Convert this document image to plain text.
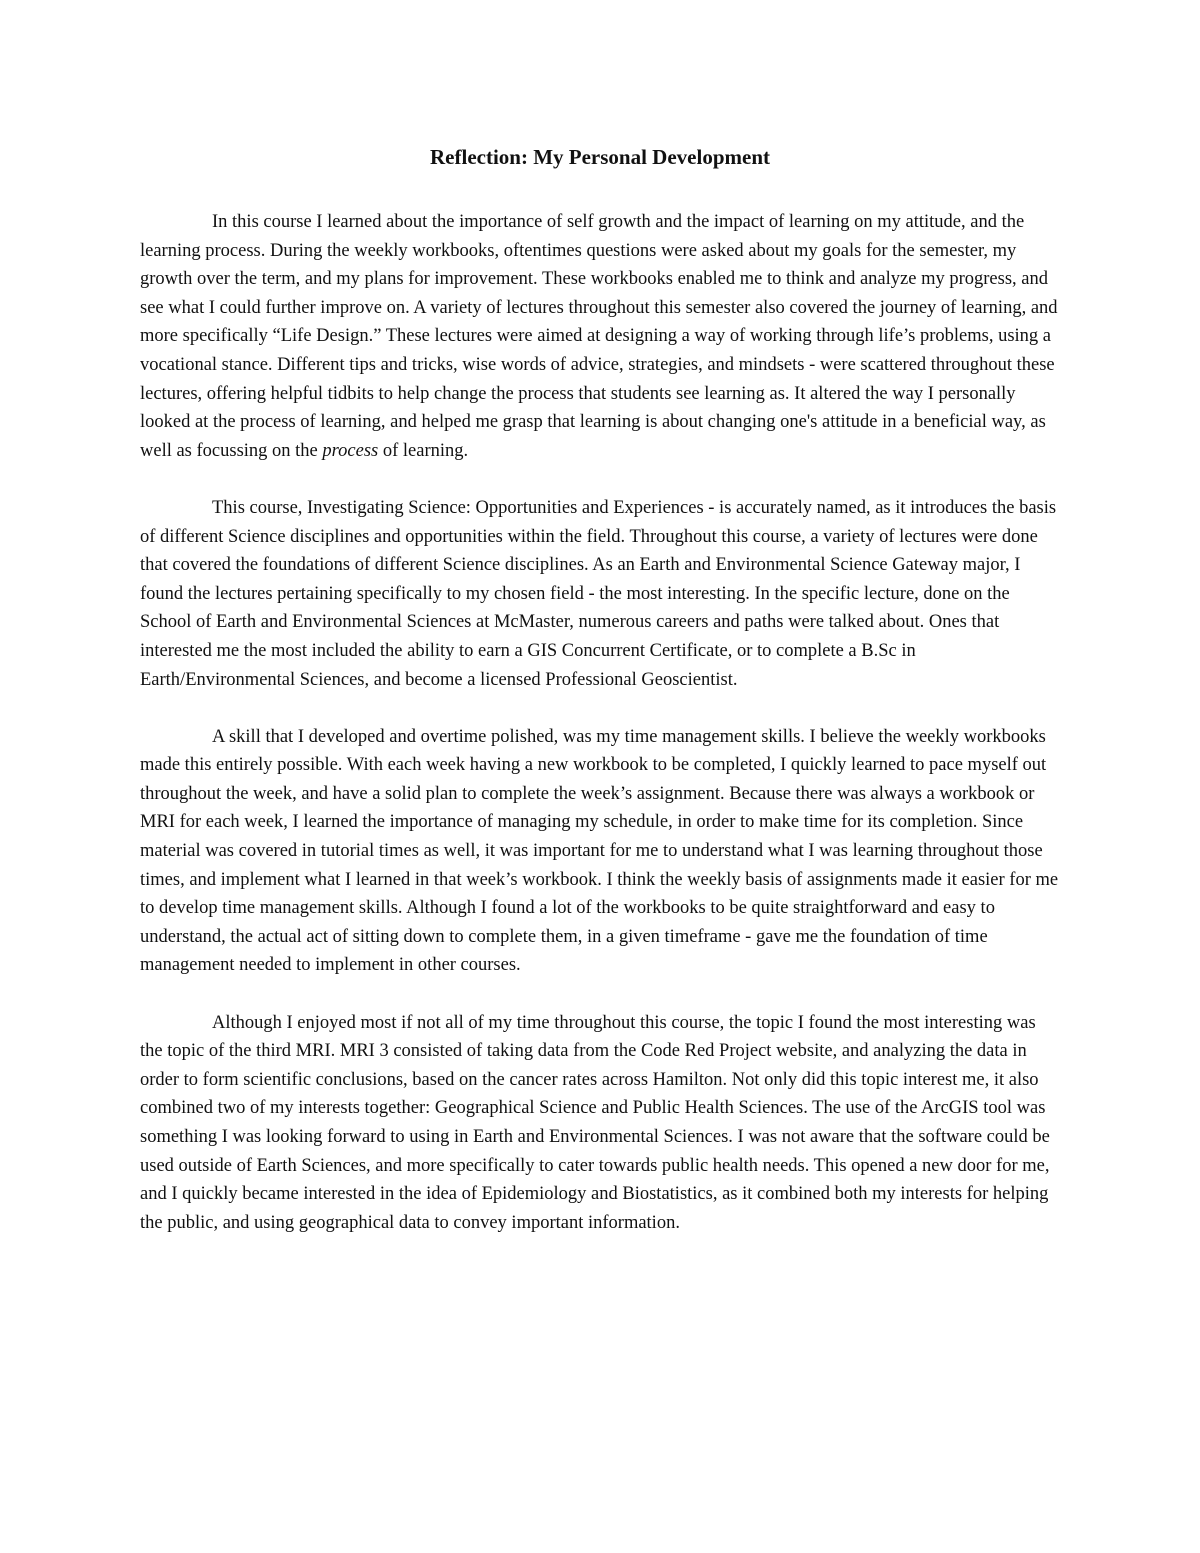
Reflection: My Personal Development

In this course I learned about the importance of self growth and the impact of learning on my attitude, and the learning process. During the weekly workbooks, oftentimes questions were asked about my goals for the semester, my growth over the term, and my plans for improvement. These workbooks enabled me to think and analyze my progress, and see what I could further improve on. A variety of lectures throughout this semester also covered the journey of learning, and more specifically “Life Design.” These lectures were aimed at designing a way of working through life’s problems, using a vocational stance. Different tips and tricks, wise words of advice, strategies, and mindsets - were scattered throughout these lectures, offering helpful tidbits to help change the process that students see learning as. It altered the way I personally looked at the process of learning, and helped me grasp that learning is about changing one's attitude in a beneficial way, as well as focussing on the process of learning.

This course, Investigating Science: Opportunities and Experiences - is accurately named, as it introduces the basis of different Science disciplines and opportunities within the field. Throughout this course, a variety of lectures were done that covered the foundations of different Science disciplines. As an Earth and Environmental Science Gateway major, I found the lectures pertaining specifically to my chosen field - the most interesting. In the specific lecture, done on the School of Earth and Environmental Sciences at McMaster, numerous careers and paths were talked about. Ones that interested me the most included the ability to earn a GIS Concurrent Certificate, or to complete a B.Sc in Earth/Environmental Sciences, and become a licensed Professional Geoscientist.

A skill that I developed and overtime polished, was my time management skills. I believe the weekly workbooks made this entirely possible. With each week having a new workbook to be completed, I quickly learned to pace myself out throughout the week, and have a solid plan to complete the week’s assignment. Because there was always a workbook or MRI for each week, I learned the importance of managing my schedule, in order to make time for its completion. Since material was covered in tutorial times as well, it was important for me to understand what I was learning throughout those times, and implement what I learned in that week’s workbook. I think the weekly basis of assignments made it easier for me to develop time management skills. Although I found a lot of the workbooks to be quite straightforward and easy to understand, the actual act of sitting down to complete them, in a given timeframe - gave me the foundation of time management needed to implement in other courses.

Although I enjoyed most if not all of my time throughout this course, the topic I found the most interesting was the topic of the third MRI. MRI 3 consisted of taking data from the Code Red Project website, and analyzing the data in order to form scientific conclusions, based on the cancer rates across Hamilton. Not only did this topic interest me, it also combined two of my interests together: Geographical Science and Public Health Sciences. The use of the ArcGIS tool was something I was looking forward to using in Earth and Environmental Sciences. I was not aware that the software could be used outside of Earth Sciences, and more specifically to cater towards public health needs. This opened a new door for me, and I quickly became interested in the idea of Epidemiology and Biostatistics, as it combined both my interests for helping the public, and using geographical data to convey important information.
